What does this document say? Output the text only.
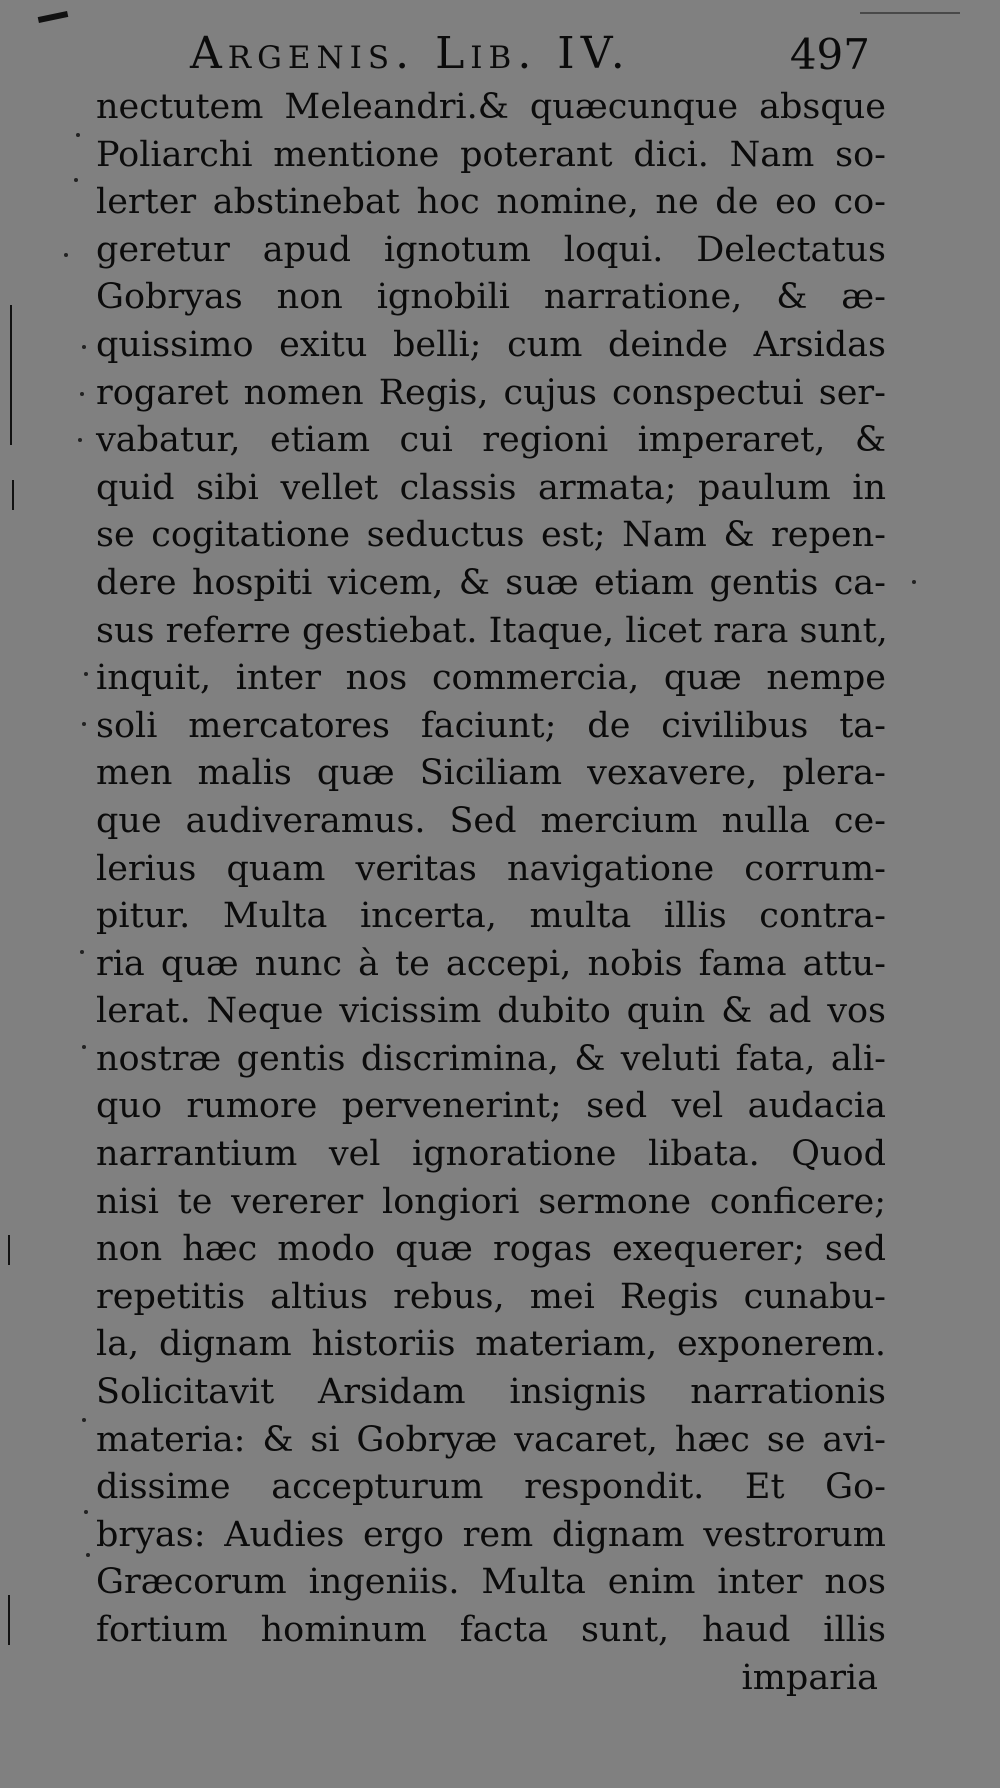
Argenis. Lib. IV.	497
nectutem Meleandri.& quæcunque absque
Poliarchi mentione poterant dici. Nam so-
lerter abstinebat hoc nomine, ne de eo co-
geretur apud ignotum loqui. Delectatus
Gobryas non ignobili narratione, & æ-
quissimo exitu belli; cum deinde Arsidas
rogaret nomen Regis, cujus conspectui ser-
vabatur, etiam cui regioni imperaret, &
quid sibi vellet classis armata; paulum in
se cogitatione seductus est; Nam & repen-
dere hospiti vicem, & suæ etiam gentis ca-
sus referre gestiebat. Itaque, licet rara sunt,
inquit, inter nos commercia, quæ nempe
soli mercatores faciunt; de civilibus ta-
men malis quæ Siciliam vexavere, plera-
que audiveramus. Sed mercium nulla ce-
lerius quam veritas navigatione corrum-
pitur. Multa incerta, multa illis contra-
ria quæ nunc à te accepi, nobis fama attu-
lerat. Neque vicissim dubito quin & ad vos
nostræ gentis discrimina, & veluti fata, ali-
quo rumore pervenerint; sed vel audacia
narrantium vel ignoratione libata. Quod
nisi te vererer longiori sermone conficere;
non hæc modo quæ rogas exequerer; sed
repetitis altius rebus, mei Regis cunabu-
la, dignam historiis materiam, exponerem.
Solicitavit Arsidam insignis narrationis
materia: & si Gobryæ vacaret, hæc se avi-
dissime accepturum respondit. Et Go-
bryas: Audies ergo rem dignam vestrorum
Græcorum ingeniis. Multa enim inter nos
fortium hominum facta sunt, haud illis
imparia
